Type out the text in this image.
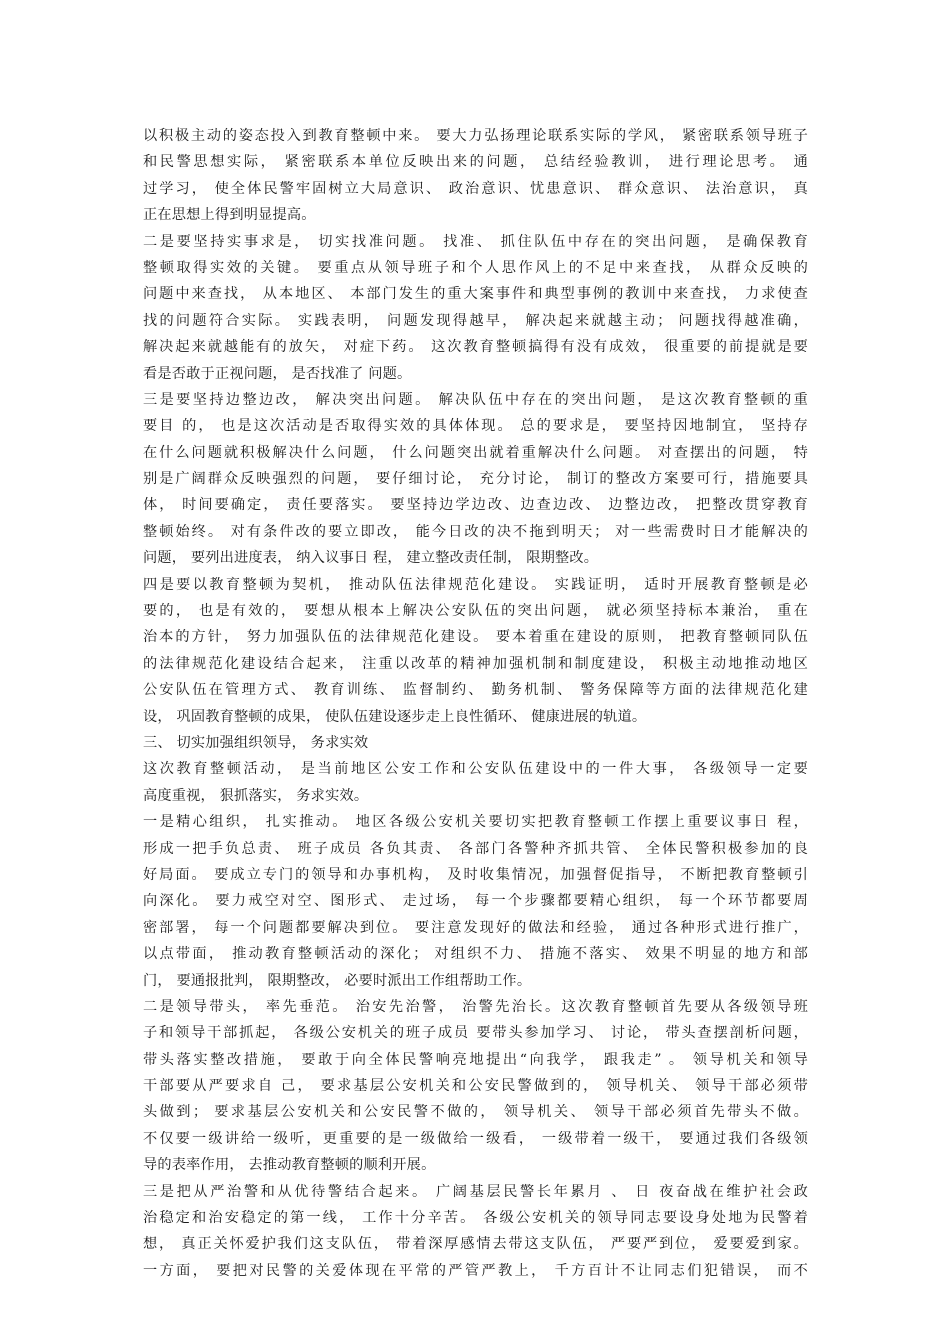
以积极主动的姿态投入到教育整顿中来。 要大力弘扬理论联系实际的学风， 紧密联系领导班子
和民警思想实际， 紧密联系本单位反映出来的问题， 总结经验教训， 进行理论思考。 通
过学习， 使全体民警牢固树立大局意识、 政治意识、忧患意识、 群众意识、 法治意识， 真
正在思想上得到明显提高。
二是要坚持实事求是， 切实找准问题。 找准、 抓住队伍中存在的突出问题， 是确保教育
整顿取得实效的关键。 要重点从领导班子和个人思作风上的不足中来查找， 从群众反映的
问题中来查找， 从本地区、 本部门发生的重大案事件和典型事例的教训中来查找， 力求使查
找的问题符合实际。 实践表明， 问题发现得越早， 解决起来就越主动； 问题找得越准确，
解决起来就越能有的放矢， 对症下药。 这次教育整顿搞得有没有成效， 很重要的前提就是要
看是否敢于正视问题， 是否找准了 问题。
三是要坚持边整边改， 解决突出问题。 解决队伍中存在的突出问题， 是这次教育整顿的重
要目 的， 也是这次活动是否取得实效的具体体现。 总的要求是， 要坚持因地制宜， 坚持存
在什么问题就积极解决什么问题， 什么问题突出就着重解决什么问题。 对查摆出的问题， 特
别是广阔群众反映强烈的问题， 要仔细讨论， 充分讨论， 制订的整改方案要可行，措施要具
体， 时间要确定， 责任要落实。 要坚持边学边改、边查边改、 边整边改， 把整改贯穿教育
整顿始终。 对有条件改的要立即改， 能今日改的决不拖到明天； 对一些需费时日才能解决的
问题， 要列出进度表， 纳入议事日 程， 建立整改责任制， 限期整改。
四是要以教育整顿为契机， 推动队伍法律规范化建设。 实践证明， 适时开展教育整顿是必
要的， 也是有效的， 要想从根本上解决公安队伍的突出问题， 就必须坚持标本兼治， 重在
治本的方针， 努力加强队伍的法律规范化建设。 要本着重在建设的原则， 把教育整顿同队伍
的法律规范化建设结合起来， 注重以改革的精神加强机制和制度建设， 积极主动地推动地区
公安队伍在管理方式、 教育训练、 监督制约、 勤务机制、 警务保障等方面的法律规范化建
设， 巩固教育整顿的成果， 使队伍建设逐步走上良性循环、 健康进展的轨道。
三、 切实加强组织领导， 务求实效
这次教育整顿活动， 是当前地区公安工作和公安队伍建设中的一件大事， 各级领导一定要
高度重视， 狠抓落实， 务求实效。
一是精心组织， 扎实推动。 地区各级公安机关要切实把教育整顿工作摆上重要议事日 程，
形成一把手负总责、 班子成员 各负其责、 各部门各警种齐抓共管、 全体民警积极参加的良
好局面。 要成立专门的领导和办事机构， 及时收集情况，加强督促指导， 不断把教育整顿引
向深化。 要力戒空对空、图形式、 走过场， 每一个步骤都要精心组织， 每一个环节都要周
密部署， 每一个问题都要解决到位。 要注意发现好的做法和经验， 通过各种形式进行推广，
以点带面， 推动教育整顿活动的深化； 对组织不力、 措施不落实、 效果不明显的地方和部
门， 要通报批判， 限期整改， 必要时派出工作组帮助工作。
二是领导带头， 率先垂范。 治安先治警， 治警先治长。这次教育整顿首先要从各级领导班
子和领导干部抓起， 各级公安机关的班子成员 要带头参加学习、 讨论， 带头查摆剖析问题，
带头落实整改措施， 要敢于向全体民警响亮地提出“向我学， 跟我走” 。 领导机关和领导
干部要从严要求自 己， 要求基层公安机关和公安民警做到的， 领导机关、 领导干部必须带
头做到； 要求基层公安机关和公安民警不做的， 领导机关、 领导干部必须首先带头不做。
不仅要一级讲给一级听，更重要的是一级做给一级看， 一级带着一级干， 要通过我们各级领
导的表率作用， 去推动教育整顿的顺利开展。
三是把从严治警和从优待警结合起来。 广阔基层民警长年累月 、 日 夜奋战在维护社会政
治稳定和治安稳定的第一线， 工作十分辛苦。 各级公安机关的领导同志要设身处地为民警着
想， 真正关怀爱护我们这支队伍， 带着深厚感情去带这支队伍， 严要严到位， 爱要爱到家。
一方面， 要把对民警的关爱体现在平常的严管严教上， 千方百计不让同志们犯错误， 而不
